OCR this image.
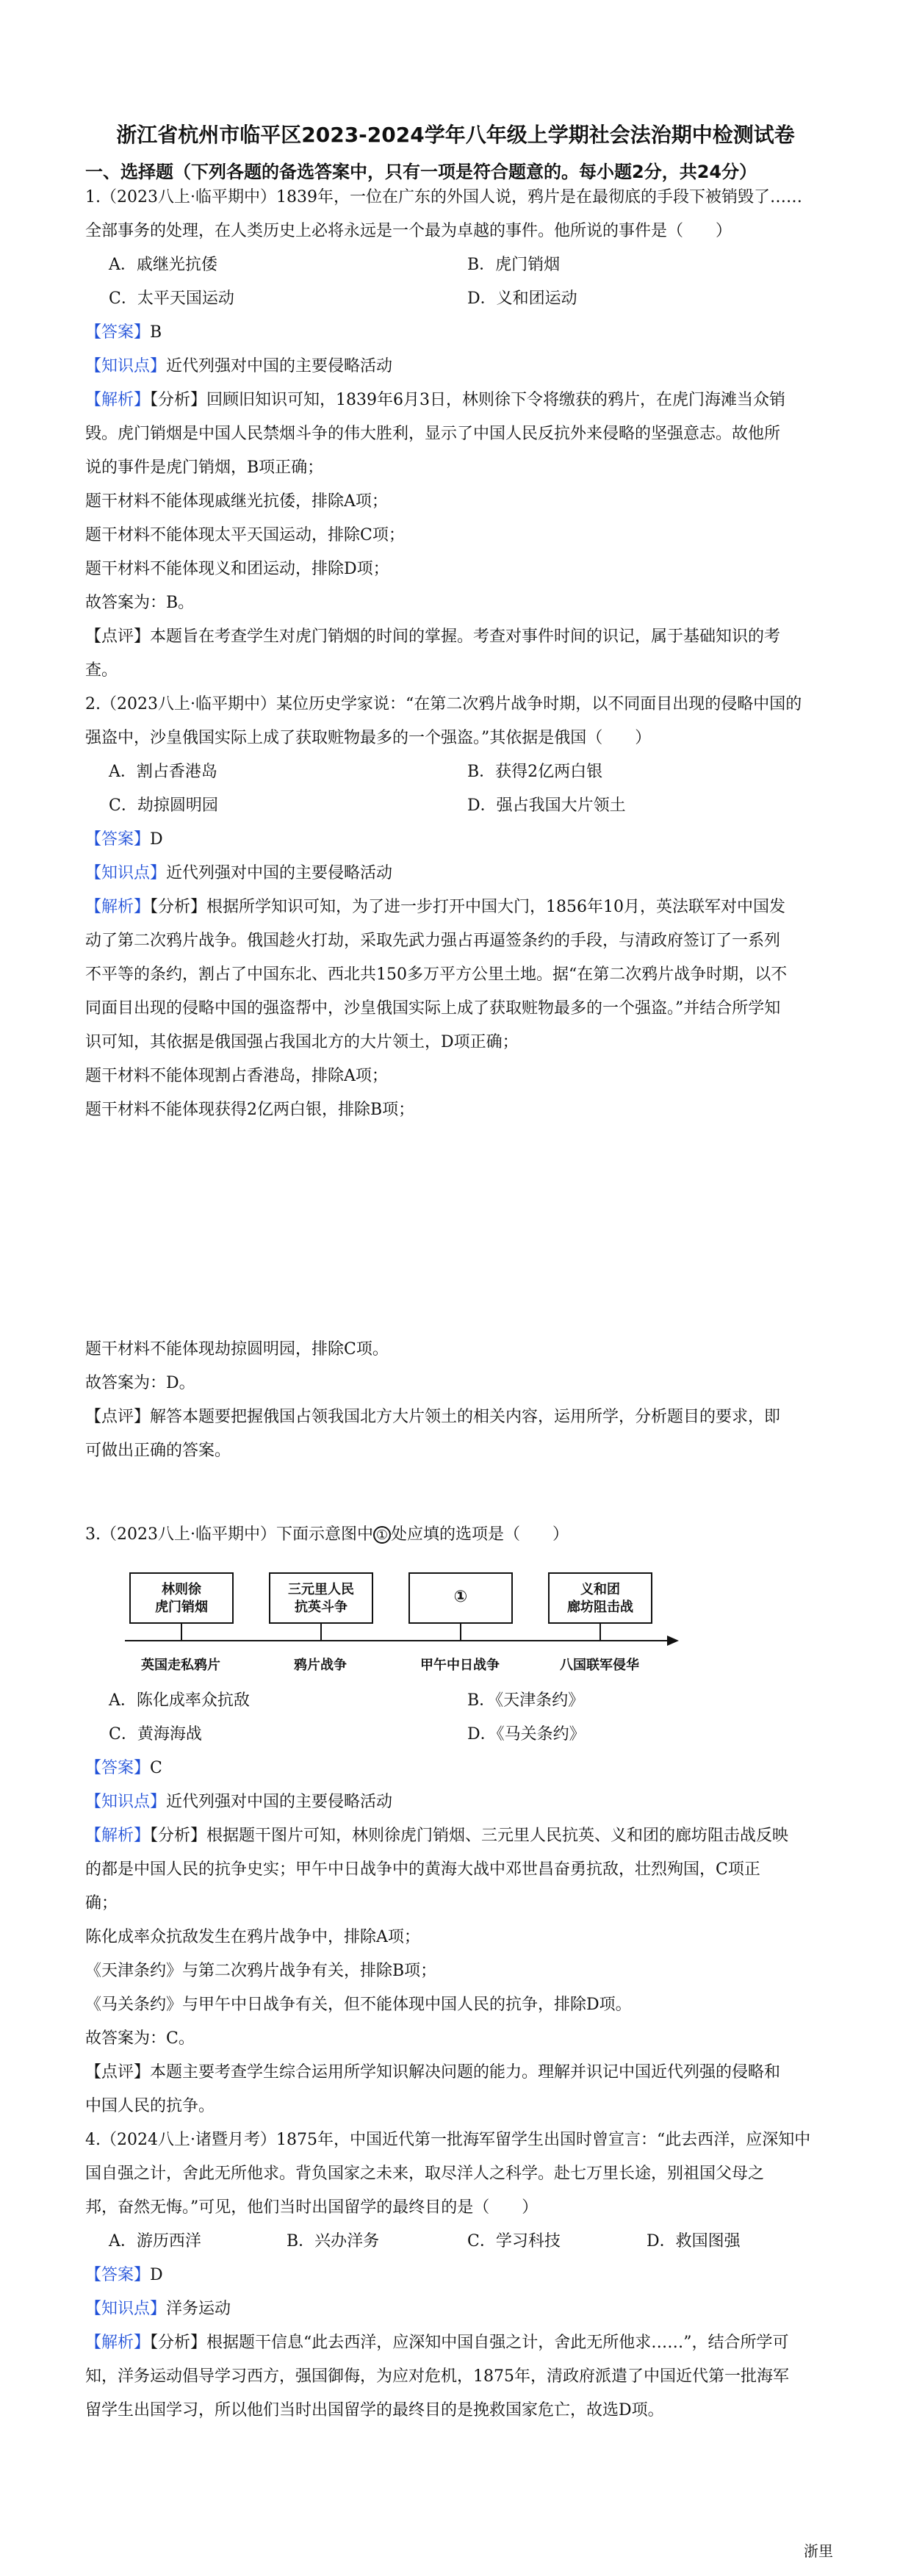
浙江省杭州市临平区2023-2024学年八年级上学期社会法治期中检测试卷
一、选择题（下列各题的备选答案中，只有一项是符合题意的。每小题2分，共24分）
1.（2023八上·临平期中）1839年，一位在广东的外国人说，鸦片是在最彻底的手段下被销毁了……
全部事务的处理，在人类历史上必将永远是一个最为卓越的事件。他所说的事件是（　　）
A．戚继光抗倭	B．虎门销烟
C．太平天国运动	D．义和团运动
【答案】B
【知识点】近代列强对中国的主要侵略活动
【解析】【分析】回顾旧知识可知，1839年6月3日，林则徐下令将缴获的鸦片，在虎门海滩当众销
毁。虎门销烟是中国人民禁烟斗争的伟大胜利，显示了中国人民反抗外来侵略的坚强意志。故他所
说的事件是虎门销烟，B项正确；
题干材料不能体现戚继光抗倭，排除A项；
题干材料不能体现太平天国运动，排除C项；
题干材料不能体现义和团运动，排除D项；
故答案为：B。
【点评】本题旨在考查学生对虎门销烟的时间的掌握。考查对事件时间的识记，属于基础知识的考
查。
2.（2023八上·临平期中）某位历史学家说：“在第二次鸦片战争时期，以不同面目出现的侵略中国的
强盗中，沙皇俄国实际上成了获取赃物最多的一个强盗。”其依据是俄国（　　）
A．割占香港岛	B．获得2亿两白银
C．劫掠圆明园	D．强占我国大片领土
【答案】D
【知识点】近代列强对中国的主要侵略活动
【解析】【分析】根据所学知识可知，为了进一步打开中国大门，1856年10月，英法联军对中国发
动了第二次鸦片战争。俄国趁火打劫，采取先武力强占再逼签条约的手段，与清政府签订了一系列
不平等的条约，割占了中国东北、西北共150多万平方公里土地。据“在第二次鸦片战争时期，以不
同面目出现的侵略中国的强盗帮中，沙皇俄国实际上成了获取赃物最多的一个强盗。”并结合所学知
识可知，其依据是俄国强占我国北方的大片领土，D项正确；
题干材料不能体现割占香港岛，排除A项；
题干材料不能体现获得2亿两白银，排除B项；
题干材料不能体现劫掠圆明园，排除C项。
故答案为：D。
【点评】解答本题要把握俄国占领我国北方大片领土的相关内容，运用所学，分析题目的要求，即
可做出正确的答案。
3.（2023八上·临平期中）下面示意图中 ① 处应填的选项是（　　）
林则徐
虎门销烟
三元里人民
抗英斗争
①	义和团
廊坊阻击战
英国走私鸦片	鸦片战争	甲午中日战争	八国联军侵华
A．陈化成率众抗敌	B．《天津条约》
C．黄海海战	D．《马关条约》
【答案】C
【知识点】近代列强对中国的主要侵略活动
【解析】【分析】根据题干图片可知，林则徐虎门销烟、三元里人民抗英、义和团的廊坊阻击战反映
的都是中国人民的抗争史实；甲午中日战争中的黄海大战中邓世昌奋勇抗敌，壮烈殉国，C项正
确；
陈化成率众抗敌发生在鸦片战争中，排除A项；
《天津条约》与第二次鸦片战争有关，排除B项；
《马关条约》与甲午中日战争有关，但不能体现中国人民的抗争，排除D项。
故答案为：C。
【点评】本题主要考查学生综合运用所学知识解决问题的能力。理解并识记中国近代列强的侵略和
中国人民的抗争。
4.（2024八上·诸暨月考）1875年，中国近代第一批海军留学生出国时曾宣言：“此去西洋，应深知中
国自强之计，舍此无所他求。背负国家之未来，取尽洋人之科学。赴七万里长途，别祖国父母之
邦，奋然无悔。”可见，他们当时出国留学的最终目的是（　　）
A．游历西洋	B．兴办洋务	C．学习科技	D．救国图强
【答案】D
【知识点】洋务运动
【解析】【分析】根据题干信息“此去西洋，应深知中国自强之计，舍此无所他求……”，结合所学可
知，洋务运动倡导学习西方，强国御侮，为应对危机，1875年，清政府派遣了中国近代第一批海军
留学生出国学习，所以他们当时出国留学的最终目的是挽救国家危亡，故选D项。
浙里
